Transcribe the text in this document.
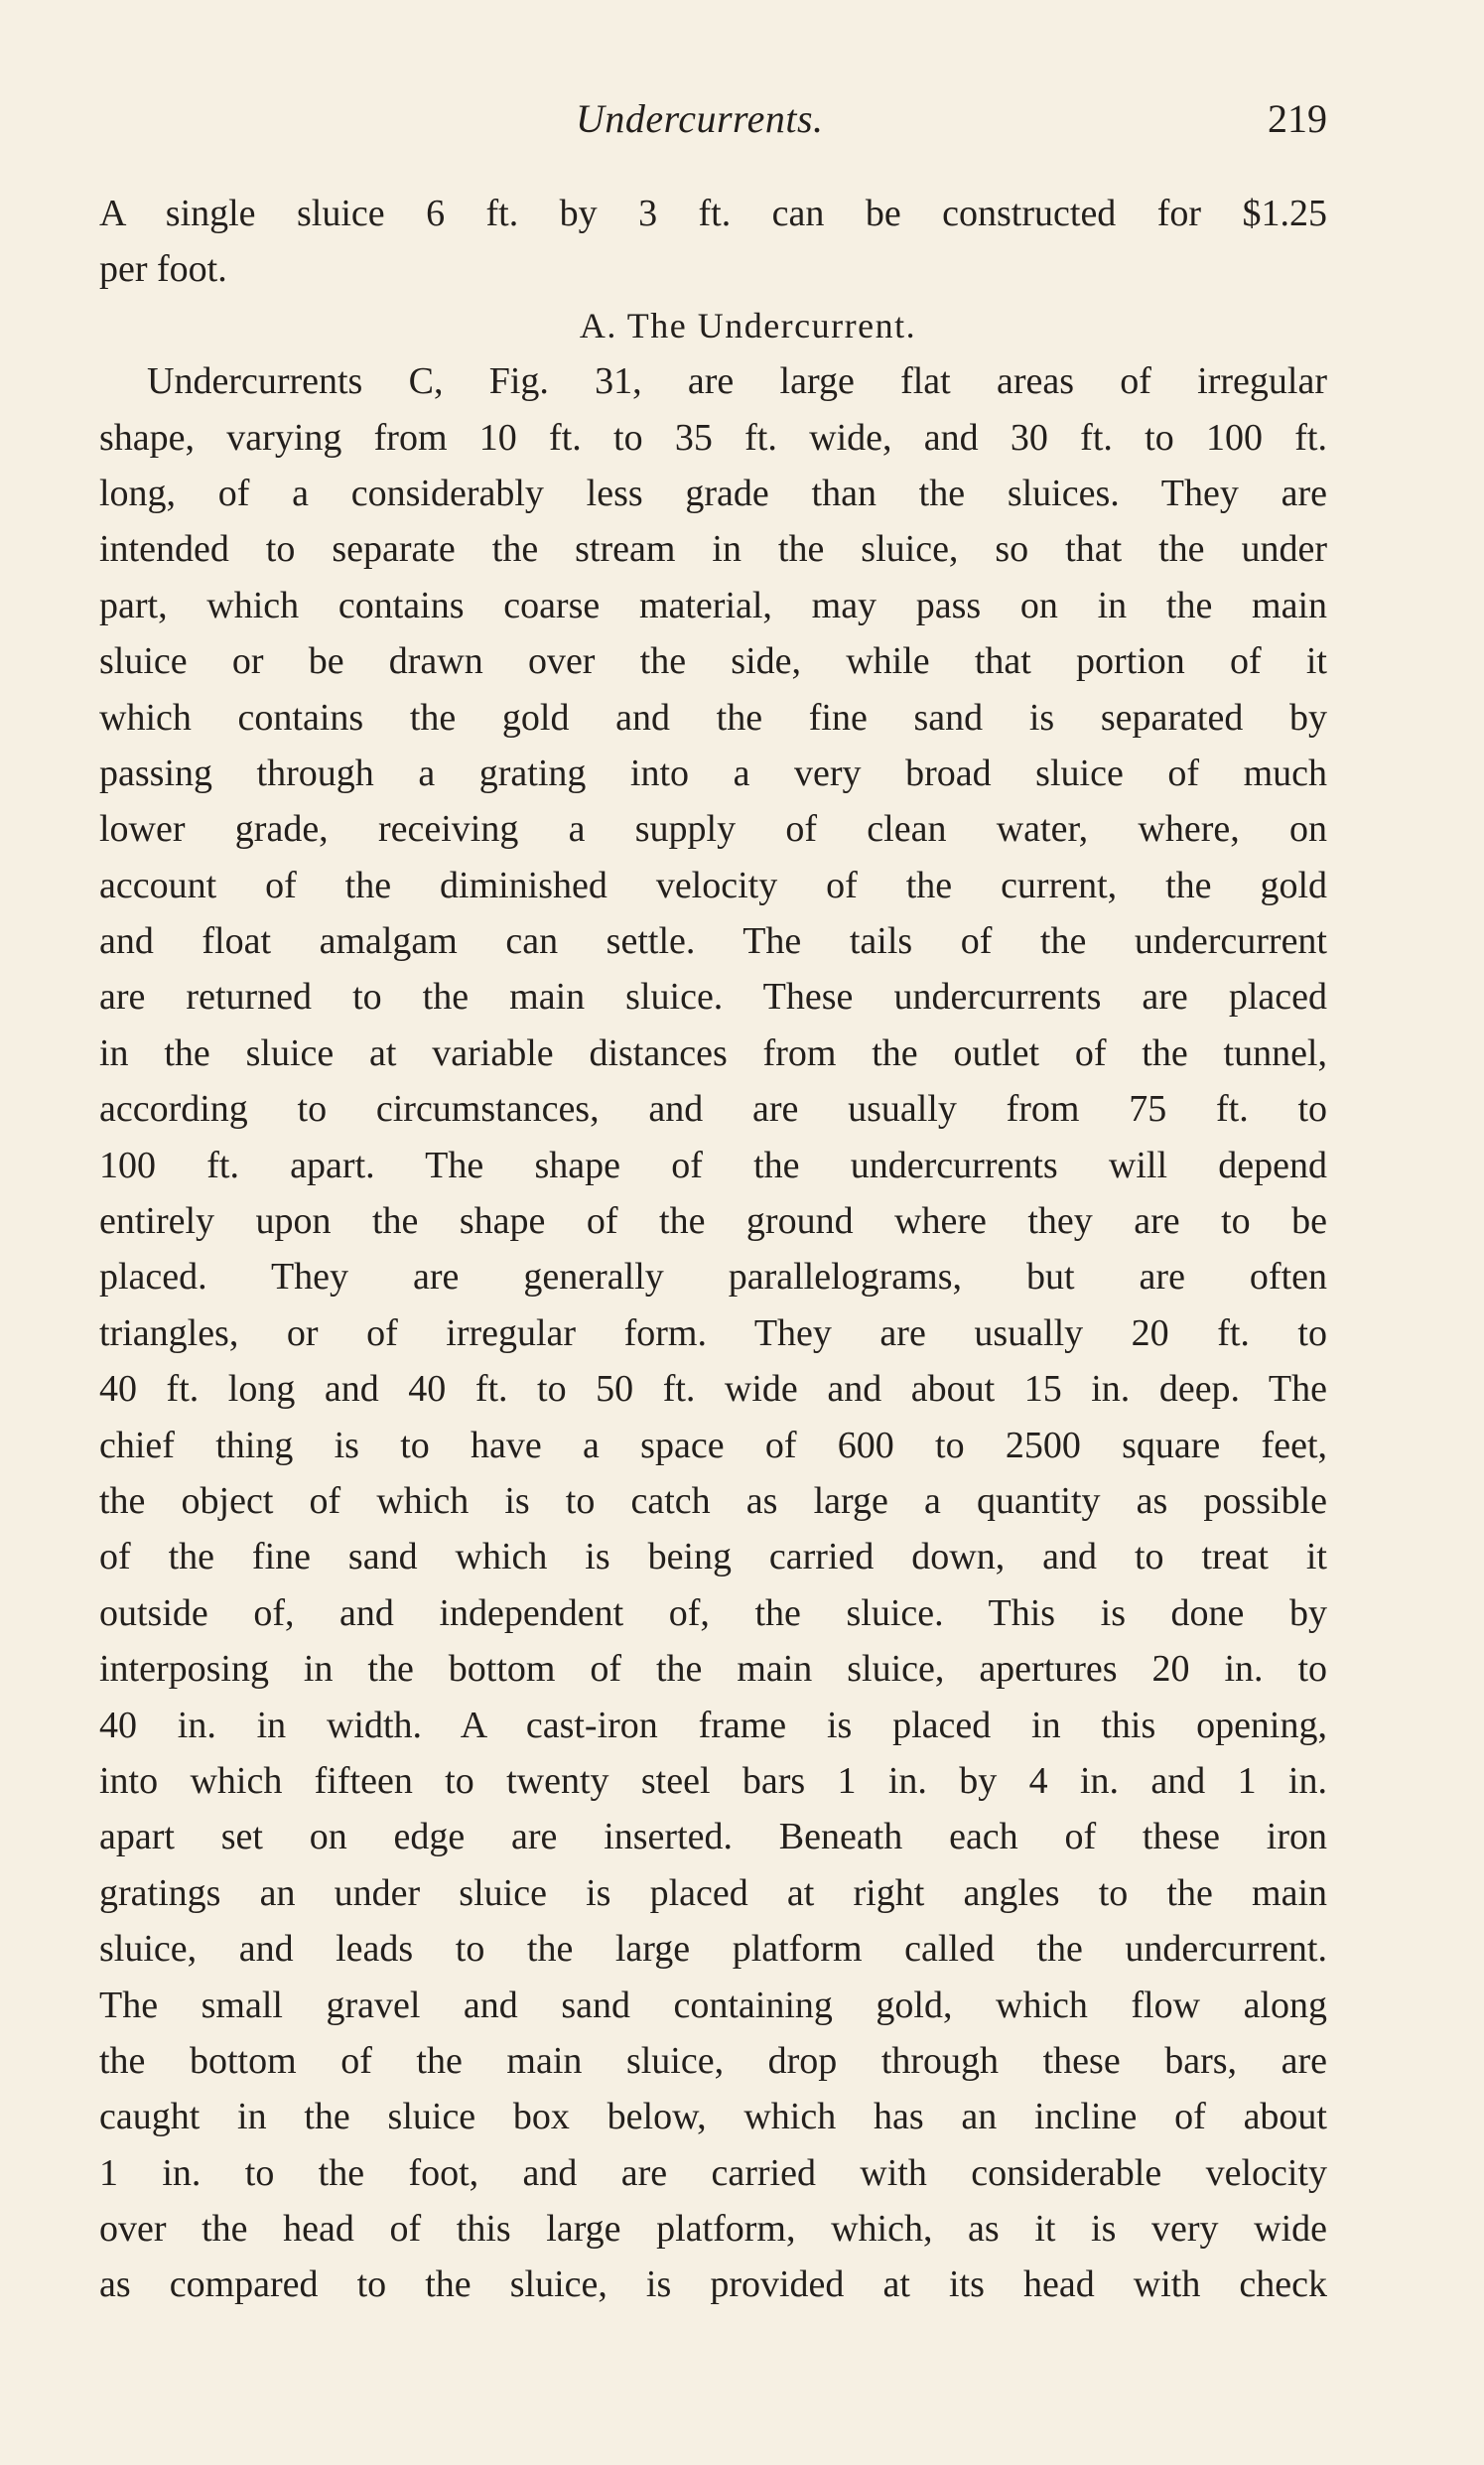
Undercurrents.	219
A single sluice 6 ft. by 3 ft. can be constructed for $1.25
per foot.
A. The Undercurrent.
Undercurrents C, Fig. 31, are large flat areas of irregular
shape, varying from 10 ft. to 35 ft. wide, and 30 ft. to 100 ft.
long, of a considerably less grade than the sluices. They are
intended to separate the stream in the sluice, so that the under
part, which contains coarse material, may pass on in the main
sluice or be drawn over the side, while that portion of it
which contains the gold and the fine sand is separated by
passing through a grating into a very broad sluice of much
lower grade, receiving a supply of clean water, where, on
account of the diminished velocity of the current, the gold
and float amalgam can settle. The tails of the undercurrent
are returned to the main sluice. These undercurrents are placed
in the sluice at variable distances from the outlet of the tunnel,
according to circumstances, and are usually from 75 ft. to
100 ft. apart. The shape of the undercurrents will depend
entirely upon the shape of the ground where they are to be
placed. They are generally parallelograms, but are often
triangles, or of irregular form. They are usually 20 ft. to
40 ft. long and 40 ft. to 50 ft. wide and about 15 in. deep. The
chief thing is to have a space of 600 to 2500 square feet,
the object of which is to catch as large a quantity as possible
of the fine sand which is being carried down, and to treat it
outside of, and independent of, the sluice. This is done by
interposing in the bottom of the main sluice, apertures 20 in. to
40 in. in width. A cast-iron frame is placed in this opening,
into which fifteen to twenty steel bars 1 in. by 4 in. and 1 in.
apart set on edge are inserted. Beneath each of these iron
gratings an under sluice is placed at right angles to the main
sluice, and leads to the large platform called the undercurrent.
The small gravel and sand containing gold, which flow along
the bottom of the main sluice, drop through these bars, are
caught in the sluice box below, which has an incline of about
1 in. to the foot, and are carried with considerable velocity
over the head of this large platform, which, as it is very wide
as compared to the sluice, is provided at its head with check
